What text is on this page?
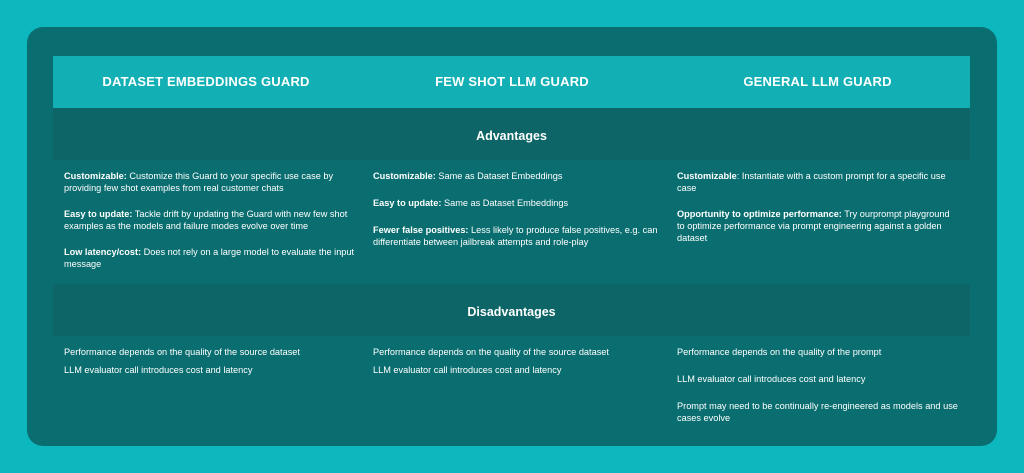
DATASET EMBEDDINGS GUARD	FEW SHOT LLM GUARD	GENERAL LLM GUARD
Advantages

Customizable: Customize this Guard to your specific use case by providing few shot examples from real customer chats

Easy to update: Tackle drift by updating the Guard with new few shot examples as the models and failure modes evolve over time

Low latency/cost: Does not rely on a large model to evaluate the input message

Customizable: Same as Dataset Embeddings

Easy to update: Same as Dataset Embeddings

Fewer false positives: Less likely to produce false positives, e.g. can differentiate between jailbreak attempts and role-play

Customizable: Instantiate with a custom prompt for a specific use case

Opportunity to optimize performance: Try ourprompt playground to optimize performance via prompt engineering against a golden dataset

Disadvantages
Performance depends on the quality of the source dataset
LLM evaluator call introduces cost and latency
Performance depends on the quality of the source dataset
LLM evaluator call introduces cost and latency
Performance depends on the quality of the prompt
LLM evaluator call introduces cost and latency
Prompt may need to be continually re-engineered as models and use cases evolve
